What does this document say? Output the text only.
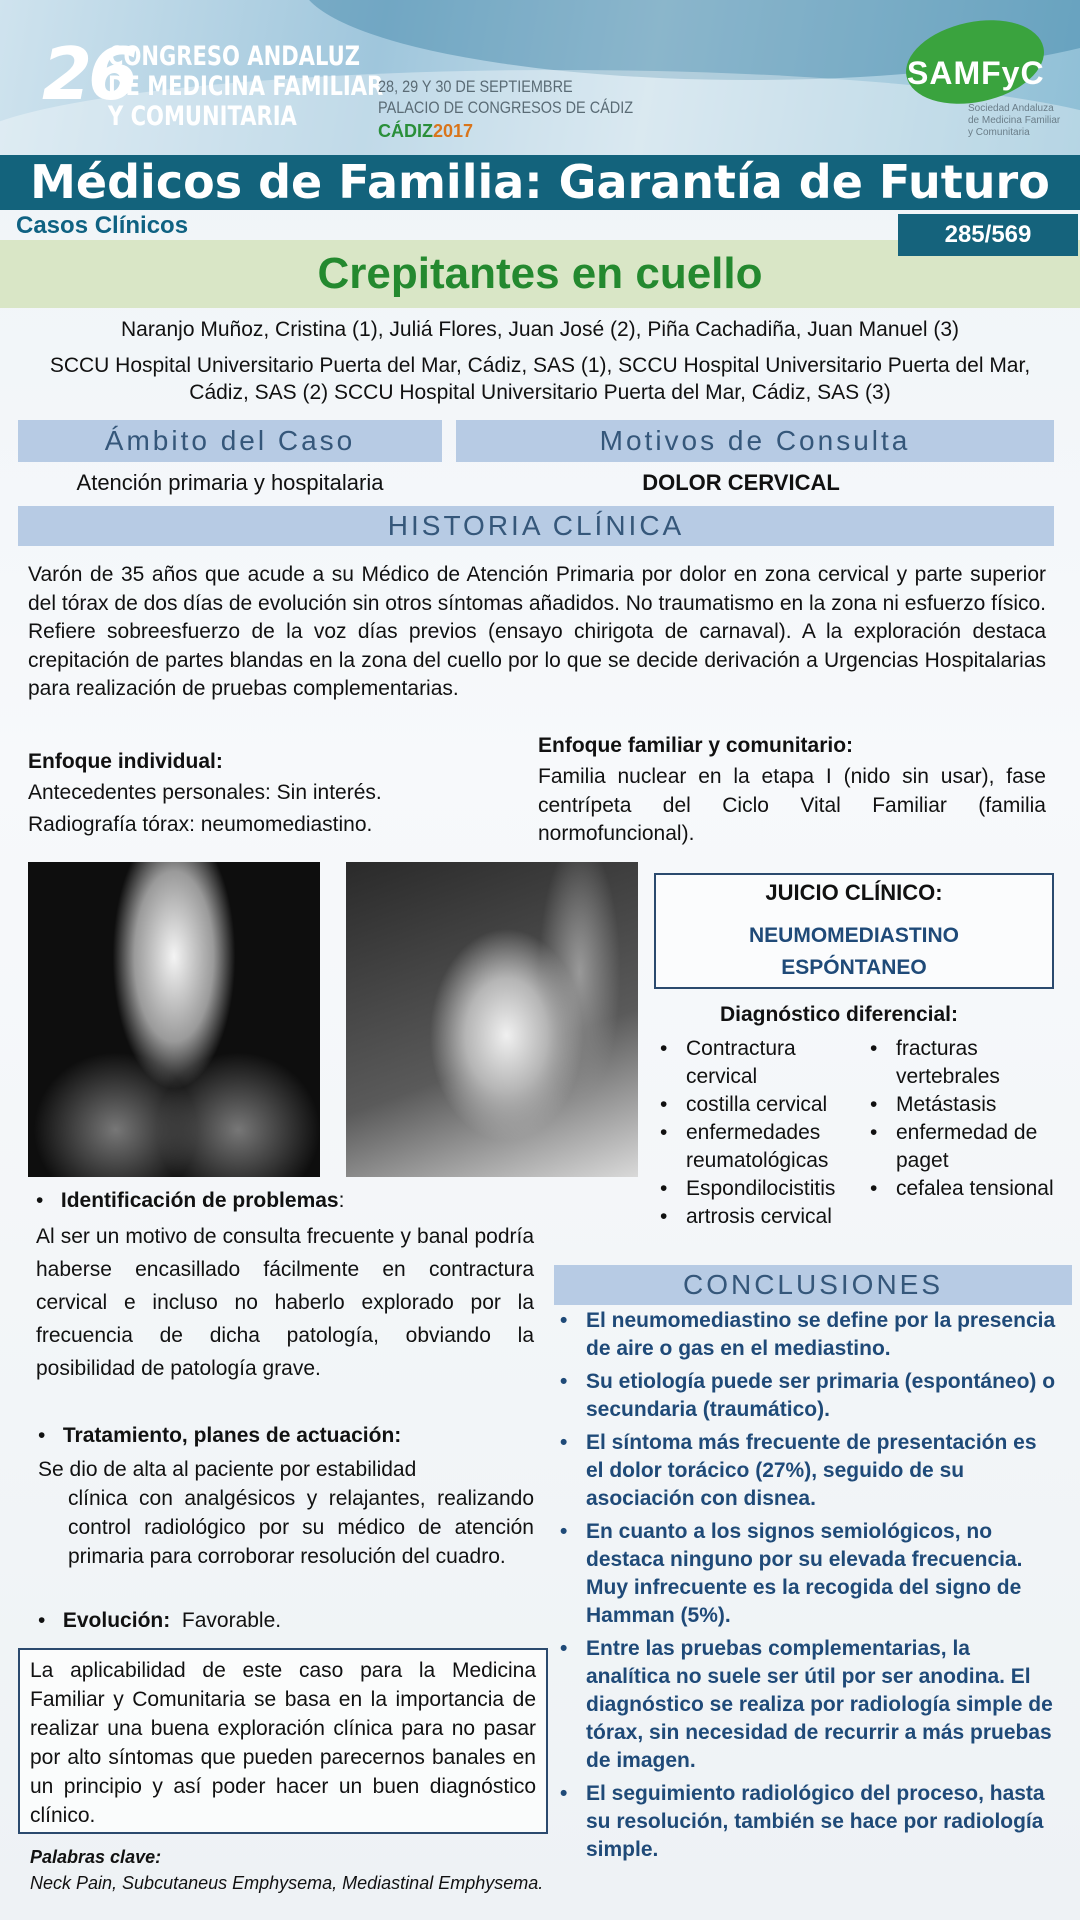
26
CONGRESO ANDALUZ
DE MEDICINA FAMILIAR
Y COMUNITARIA
28, 29 Y 30 DE SEPTIEMBRE
PALACIO DE CONGRESOS DE CÁDIZ
CÁDIZ2017
SAMFyC
Sociedad Andaluza
de Medicina Familiar
y Comunitaria
Médicos de Familia: Garantía de Futuro
Casos Clínicos	285/569
Crepitantes en cuello
Naranjo Muñoz, Cristina (1), Juliá Flores, Juan José (2), Piña Cachadiña, Juan Manuel (3)
SCCU Hospital Universitario Puerta del Mar, Cádiz, SAS (1), SCCU Hospital Universitario Puerta del Mar, Cádiz, SAS (2) SCCU Hospital Universitario Puerta del Mar, Cádiz, SAS (3)
Ámbito del Caso	Motivos de Consulta
Atención primaria y hospitalaria	DOLOR CERVICAL
HISTORIA CLÍNICA
Varón de 35 años que acude a su Médico de Atención Primaria por dolor en zona cervical y parte superior del tórax de dos días de evolución sin otros síntomas añadidos. No traumatismo en la zona ni esfuerzo físico. Refiere sobreesfuerzo de la voz días previos (ensayo chirigota de carnaval). A la exploración destaca crepitación de partes blandas en la zona del cuello por lo que se decide derivación a Urgencias Hospitalarias para realización de pruebas complementarias.
Enfoque individual:
Antecedentes personales: Sin interés.
Radiografía tórax: neumomediastino.
Enfoque familiar y comunitario:
Familia nuclear en la etapa I (nido sin usar), fase centrípeta del Ciclo Vital Familiar (familia normofuncional).
JUICIO CLÍNICO:
NEUMOMEDIASTINO
ESPÓNTANEO
Diagnóstico diferencial:
• Contractura cervical
• costilla cervical
• enfermedades reumatológicas
• Espondilocistitis
• artrosis cervical
• fracturas vertebrales
• Metástasis
• enfermedad de paget
• cefalea tensional
• Identificación de problemas:
Al ser un motivo de consulta frecuente y banal podría haberse encasillado fácilmente en contractura cervical e incluso no haberlo explorado por la frecuencia de dicha patología, obviando la posibilidad de patología grave.
• Tratamiento, planes de actuación:
Se dio de alta al paciente por estabilidad
clínica con analgésicos y relajantes, realizando control radiológico por su médico de atención primaria para corroborar resolución del cuadro.
• Evolución: Favorable.
La aplicabilidad de este caso para la Medicina Familiar y Comunitaria se basa en la importancia de realizar una buena exploración clínica para no pasar por alto síntomas que pueden parecernos banales en un principio y así poder hacer un buen diagnóstico clínico.
Palabras clave:
Neck Pain, Subcutaneus Emphysema, Mediastinal Emphysema.
CONCLUSIONES
• El neumomediastino se define por la presencia de aire o gas en el mediastino.
• Su etiología puede ser primaria (espontáneo) o secundaria (traumático).
• El síntoma más frecuente de presentación es el dolor torácico (27%), seguido de su asociación con disnea.
• En cuanto a los signos semiológicos, no destaca ninguno por su elevada frecuencia. Muy infrecuente es la recogida del signo de Hamman (5%).
• Entre las pruebas complementarias, la analítica no suele ser útil por ser anodina. El diagnóstico se realiza por radiología simple de tórax, sin necesidad de recurrir a más pruebas de imagen.
• El seguimiento radiológico del proceso, hasta su resolución, también se hace por radiología simple.
